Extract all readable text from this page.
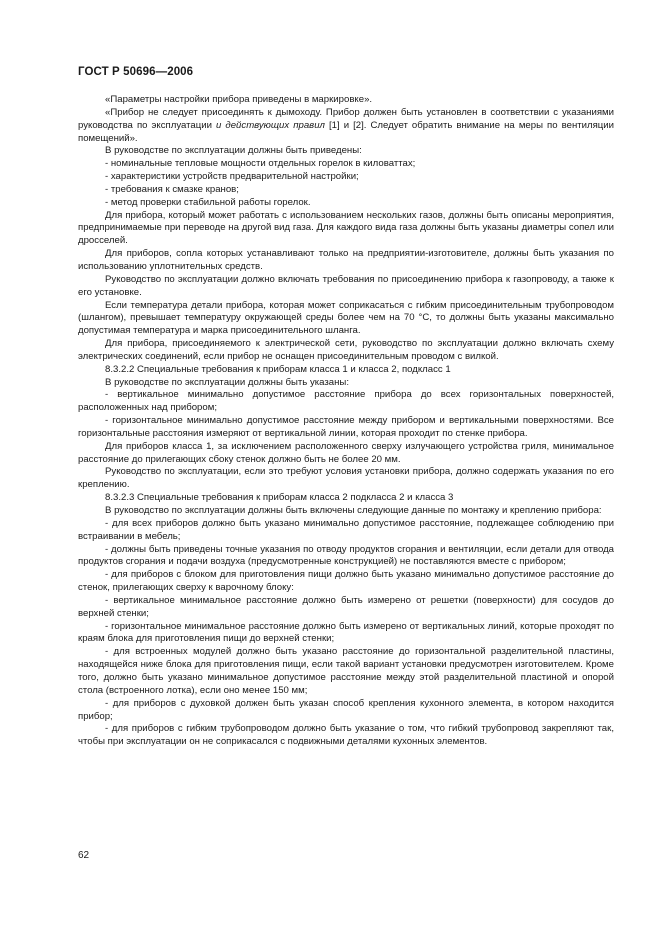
ГОСТ Р 50696—2006

«Параметры настройки прибора приведены в маркировке».

«Прибор не следует присоединять к дымоходу. Прибор должен быть установлен в соответствии с указаниями руководства по эксплуатации и действующих правил [1] и [2]. Следует обратить внимание на меры по вентиляции помещений».

В руководстве по эксплуатации должны быть приведены:

- номинальные тепловые мощности отдельных горелок в киловаттах;

- характеристики устройств предварительной настройки;

- требования к смазке кранов;

- метод проверки стабильной работы горелок.

Для прибора, который может работать с использованием нескольких газов, должны быть описаны мероприятия, предпринимаемые при переводе на другой вид газа. Для каждого вида газа должны быть указаны диаметры сопел или дросселей.

Для приборов, сопла которых устанавливают только на предприятии-изготовителе, должны быть указания по использованию уплотнительных средств.

Руководство по эксплуатации должно включать требования по присоединению прибора к газопроводу, а также к его установке.

Если температура детали прибора, которая может соприкасаться с гибким присоединительным трубопроводом (шлангом), превышает температуру окружающей среды более чем на 70 °С, то должны быть указаны максимально допустимая температура и марка присоединительного шланга.

Для прибора, присоединяемого к электрической сети, руководство по эксплуатации должно включать схему электрических соединений, если прибор не оснащен присоединительным проводом с вилкой.

8.3.2.2 Специальные требования к приборам класса 1 и класса 2, подкласс 1

В руководстве по эксплуатации должны быть указаны:

- вертикальное минимально допустимое расстояние прибора до всех горизонтальных поверхностей, расположенных над прибором;

- горизонтальное минимально допустимое расстояние между прибором и вертикальными поверхностями. Все горизонтальные расстояния измеряют от вертикальной линии, которая проходит по стенке прибора.

Для приборов класса 1, за исключением расположенного сверху излучающего устройства гриля, минимальное расстояние до прилегающих сбоку стенок должно быть не более 20 мм.

Руководство по эксплуатации, если это требуют условия установки прибора, должно содержать указания по его креплению.

8.3.2.3 Специальные требования к приборам класса 2 подкласса 2 и класса 3

В руководство по эксплуатации должны быть включены следующие данные по монтажу и креплению прибора:

- для всех приборов должно быть указано минимально допустимое расстояние, подлежащее соблюдению при встраивании в мебель;

- должны быть приведены точные указания по отводу продуктов сгорания и вентиляции, если детали для отвода продуктов сгорания и подачи воздуха (предусмотренные конструкцией) не поставляются вместе с прибором;

- для приборов с блоком для приготовления пищи должно быть указано минимально допустимое расстояние до стенок, прилегающих сверху к варочному блоку:

- вертикальное минимальное расстояние должно быть измерено от решетки (поверхности) для сосудов до верхней стенки;

- горизонтальное минимальное расстояние должно быть измерено от вертикальных линий, которые проходят по краям блока для приготовления пищи до верхней стенки;

- для встроенных модулей должно быть указано расстояние до горизонтальной разделительной пластины, находящейся ниже блока для приготовления пищи, если такой вариант установки предусмотрен изготовителем. Кроме того, должно быть указано минимальное допустимое расстояние между этой разделительной пластиной и опорой стола (встроенного лотка), если оно менее 150 мм;

- для приборов с духовкой должен быть указан способ крепления кухонного элемента, в котором находится прибор;

- для приборов с гибким трубопроводом должно быть указание о том, что гибкий трубопровод закрепляют так, чтобы при эксплуатации он не соприкасался с подвижными деталями кухонных элементов.

62
